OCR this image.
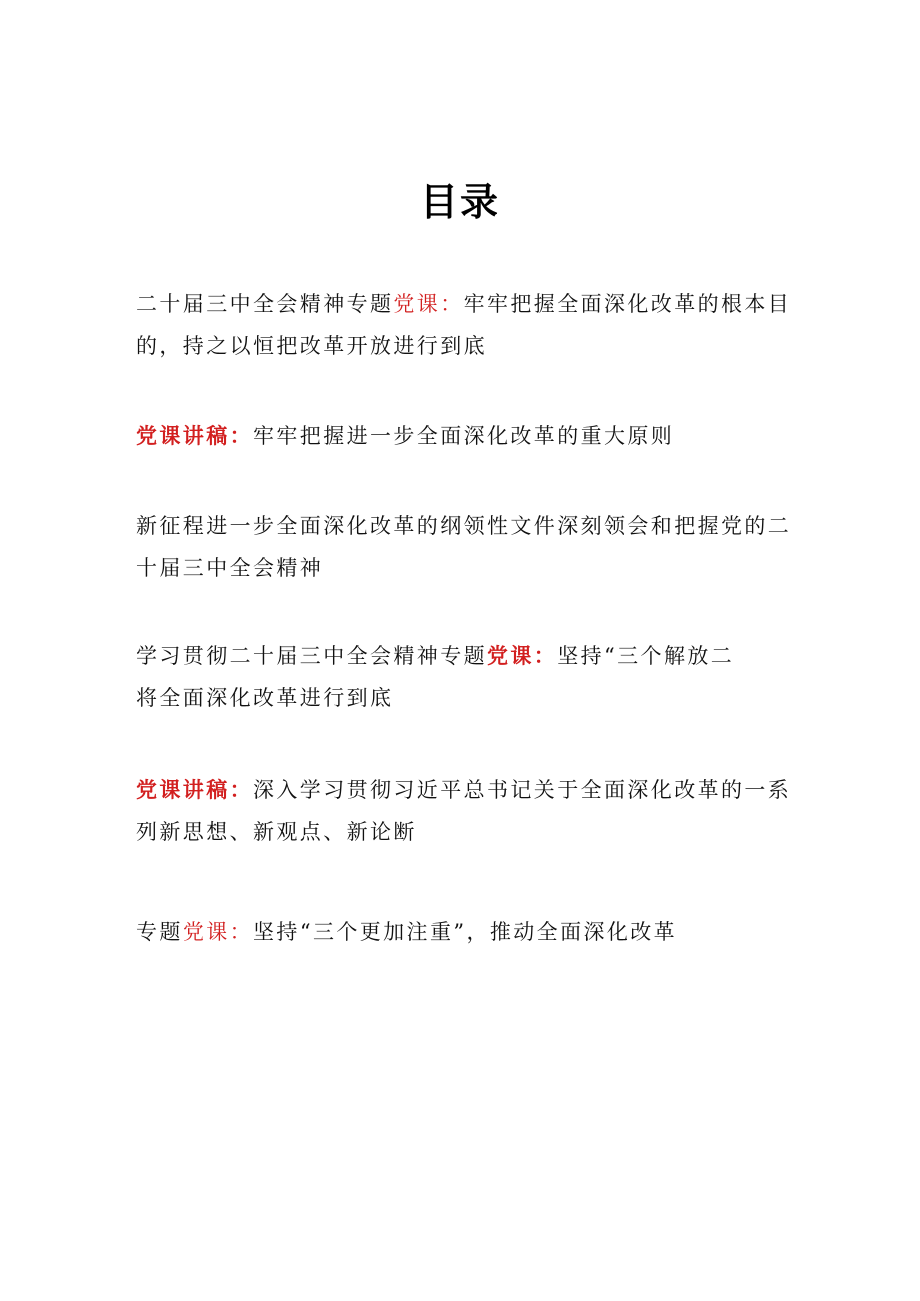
目录
二十届三中全会精神专题党课：牢牢把握全面深化改革的根本目
的，持之以恒把改革开放进行到底
党课讲稿：牢牢把握进一步全面深化改革的重大原则
新征程进一步全面深化改革的纲领性文件深刻领会和把握党的二
十届三中全会精神
学习贯彻二十届三中全会精神专题党课：坚持“三个解放二
将全面深化改革进行到底
党课讲稿：深入学习贯彻习近平总书记关于全面深化改革的一系
列新思想、新观点、新论断
专题党课：坚持“三个更加注重”，推动全面深化改革
